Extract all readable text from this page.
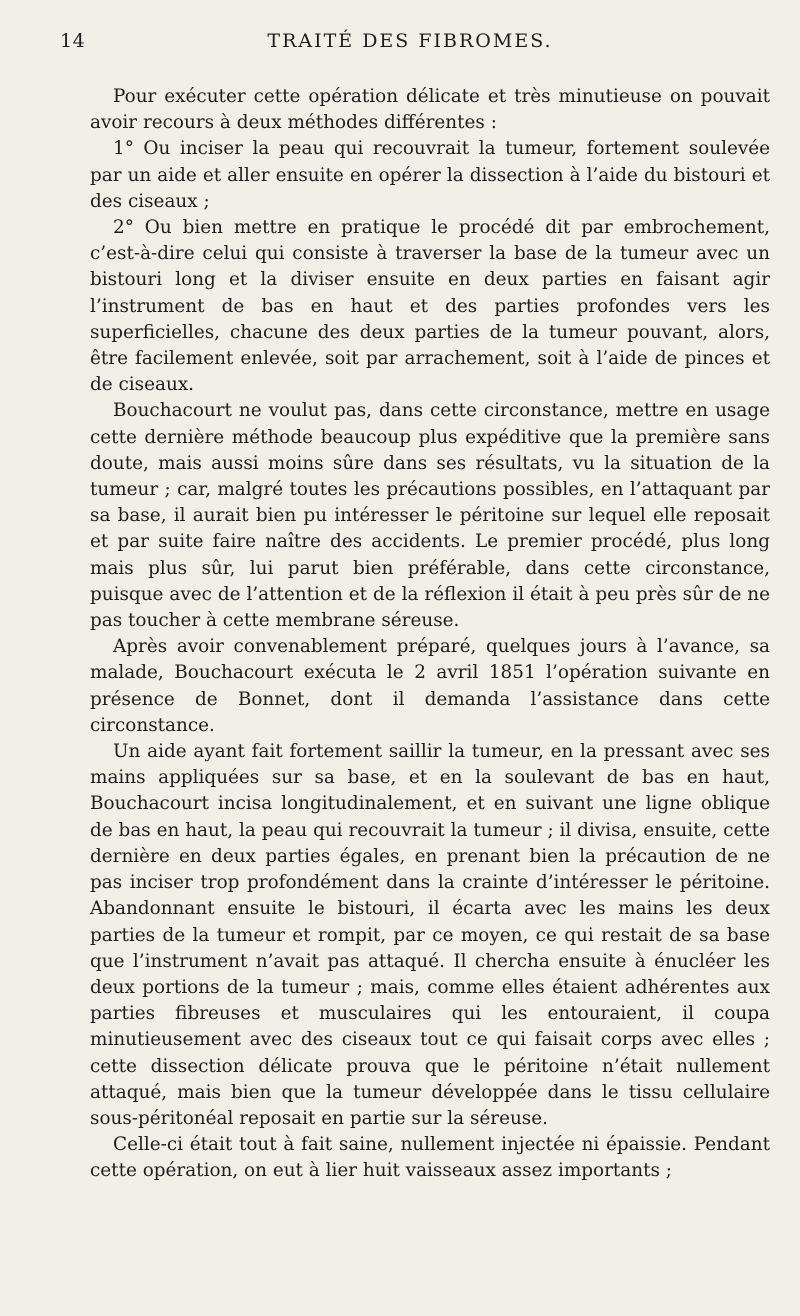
14	TRAITÉ DES FIBROMES.

Pour exécuter cette opération délicate et très minutieuse on pouvait avoir recours à deux méthodes différentes :

1° Ou inciser la peau qui recouvrait la tumeur, fortement soulevée par un aide et aller ensuite en opérer la dissection à l’aide du bistouri et des ciseaux ;

2° Ou bien mettre en pratique le procédé dit par embrochement, c’est-à-dire celui qui consiste à traverser la base de la tumeur avec un bistouri long et la diviser ensuite en deux parties en faisant agir l’instrument de bas en haut et des parties profondes vers les superficielles, chacune des deux parties de la tumeur pouvant, alors, être facilement enlevée, soit par arrachement, soit à l’aide de pinces et de ciseaux.

Bouchacourt ne voulut pas, dans cette circonstance, mettre en usage cette dernière méthode beaucoup plus expéditive que la première sans doute, mais aussi moins sûre dans ses résultats, vu la situation de la tumeur ; car, malgré toutes les précautions possibles, en l’attaquant par sa base, il aurait bien pu intéresser le péritoine sur lequel elle reposait et par suite faire naître des accidents. Le premier procédé, plus long mais plus sûr, lui parut bien préférable, dans cette circonstance, puisque avec de l’attention et de la réflexion il était à peu près sûr de ne pas toucher à cette membrane séreuse.

Après avoir convenablement préparé, quelques jours à l’avance, sa malade, Bouchacourt exécuta le 2 avril 1851 l’opération suivante en présence de Bonnet, dont il demanda l’assistance dans cette circonstance.

Un aide ayant fait fortement saillir la tumeur, en la pressant avec ses mains appliquées sur sa base, et en la soulevant de bas en haut, Bouchacourt incisa longitudinalement, et en suivant une ligne oblique de bas en haut, la peau qui recouvrait la tumeur ; il divisa, ensuite, cette dernière en deux parties égales, en prenant bien la précaution de ne pas inciser trop profondément dans la crainte d’intéresser le péritoine. Abandonnant ensuite le bistouri, il écarta avec les mains les deux parties de la tumeur et rompit, par ce moyen, ce qui restait de sa base que l’instrument n’avait pas attaqué. Il chercha ensuite à énucléer les deux portions de la tumeur ; mais, comme elles étaient adhérentes aux parties fibreuses et musculaires qui les entouraient, il coupa minutieusement avec des ciseaux tout ce qui faisait corps avec elles ; cette dissection délicate prouva que le péritoine n’était nullement attaqué, mais bien que la tumeur développée dans le tissu cellulaire sous-péritonéal reposait en partie sur la séreuse.

Celle-ci était tout à fait saine, nullement injectée ni épaissie. Pendant cette opération, on eut à lier huit vaisseaux assez importants ;
